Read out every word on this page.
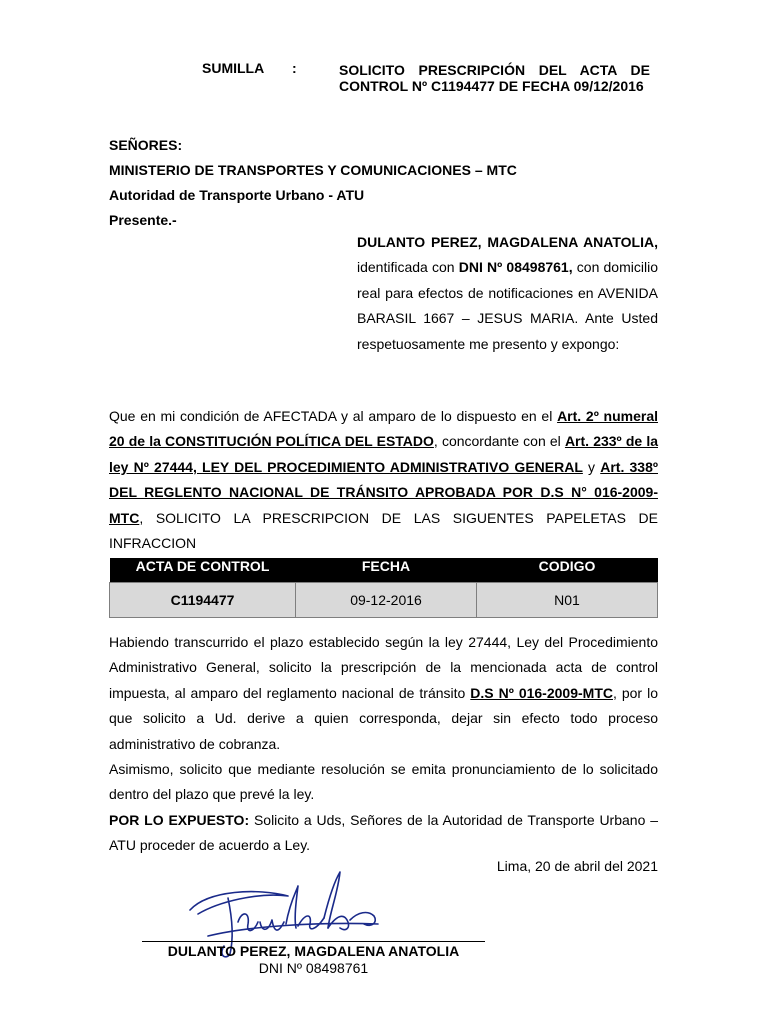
SUMILLA :	SOLICITO PRESCRIPCIÓN DEL ACTA DE CONTROL Nº C1194477 DE FECHA 09/12/2016
SEÑORES:
MINISTERIO DE TRANSPORTES Y COMUNICACIONES – MTC
Autoridad de Transporte Urbano - ATU
Presente.-
DULANTO PEREZ, MAGDALENA ANATOLIA, identificada con DNI Nº 08498761, con domicilio real para efectos de notificaciones en AVENIDA BARASIL 1667 – JESUS MARIA. Ante Usted respetuosamente me presento y expongo:
Que en mi condición de AFECTADA y al amparo de lo dispuesto en el Art. 2º numeral 20 de la CONSTITUCIÓN POLÍTICA DEL ESTADO, concordante con el Art. 233º de la ley Nº 27444, LEY DEL PROCEDIMIENTO ADMINISTRATIVO GENERAL y Art. 338º DEL REGLENTO NACIONAL DE TRÁNSITO APROBADA POR D.S N° 016-2009- MTC, SOLICITO LA PRESCRIPCION DE LAS SIGUENTES PAPELETAS DE INFRACCION
ACTA DE CONTROL	FECHA	CODIGO
C1194477	09-12-2016	N01
Habiendo transcurrido el plazo establecido según la ley 27444, Ley del Procedimiento Administrativo General, solicito la prescripción de la mencionada acta de control impuesta, al amparo del reglamento nacional de tránsito D.S Nº 016-2009-MTC, por lo que solicito a Ud. derive a quien corresponda, dejar sin efecto todo proceso administrativo de cobranza.
Asimismo, solicito que mediante resolución se emita pronunciamiento de lo solicitado dentro del plazo que prevé la ley.
POR LO EXPUESTO: Solicito a Uds, Señores de la Autoridad de Transporte Urbano – ATU proceder de acuerdo a Ley.
Lima, 20 de abril del 2021
DULANTO PEREZ, MAGDALENA ANATOLIA
DNI Nº 08498761
